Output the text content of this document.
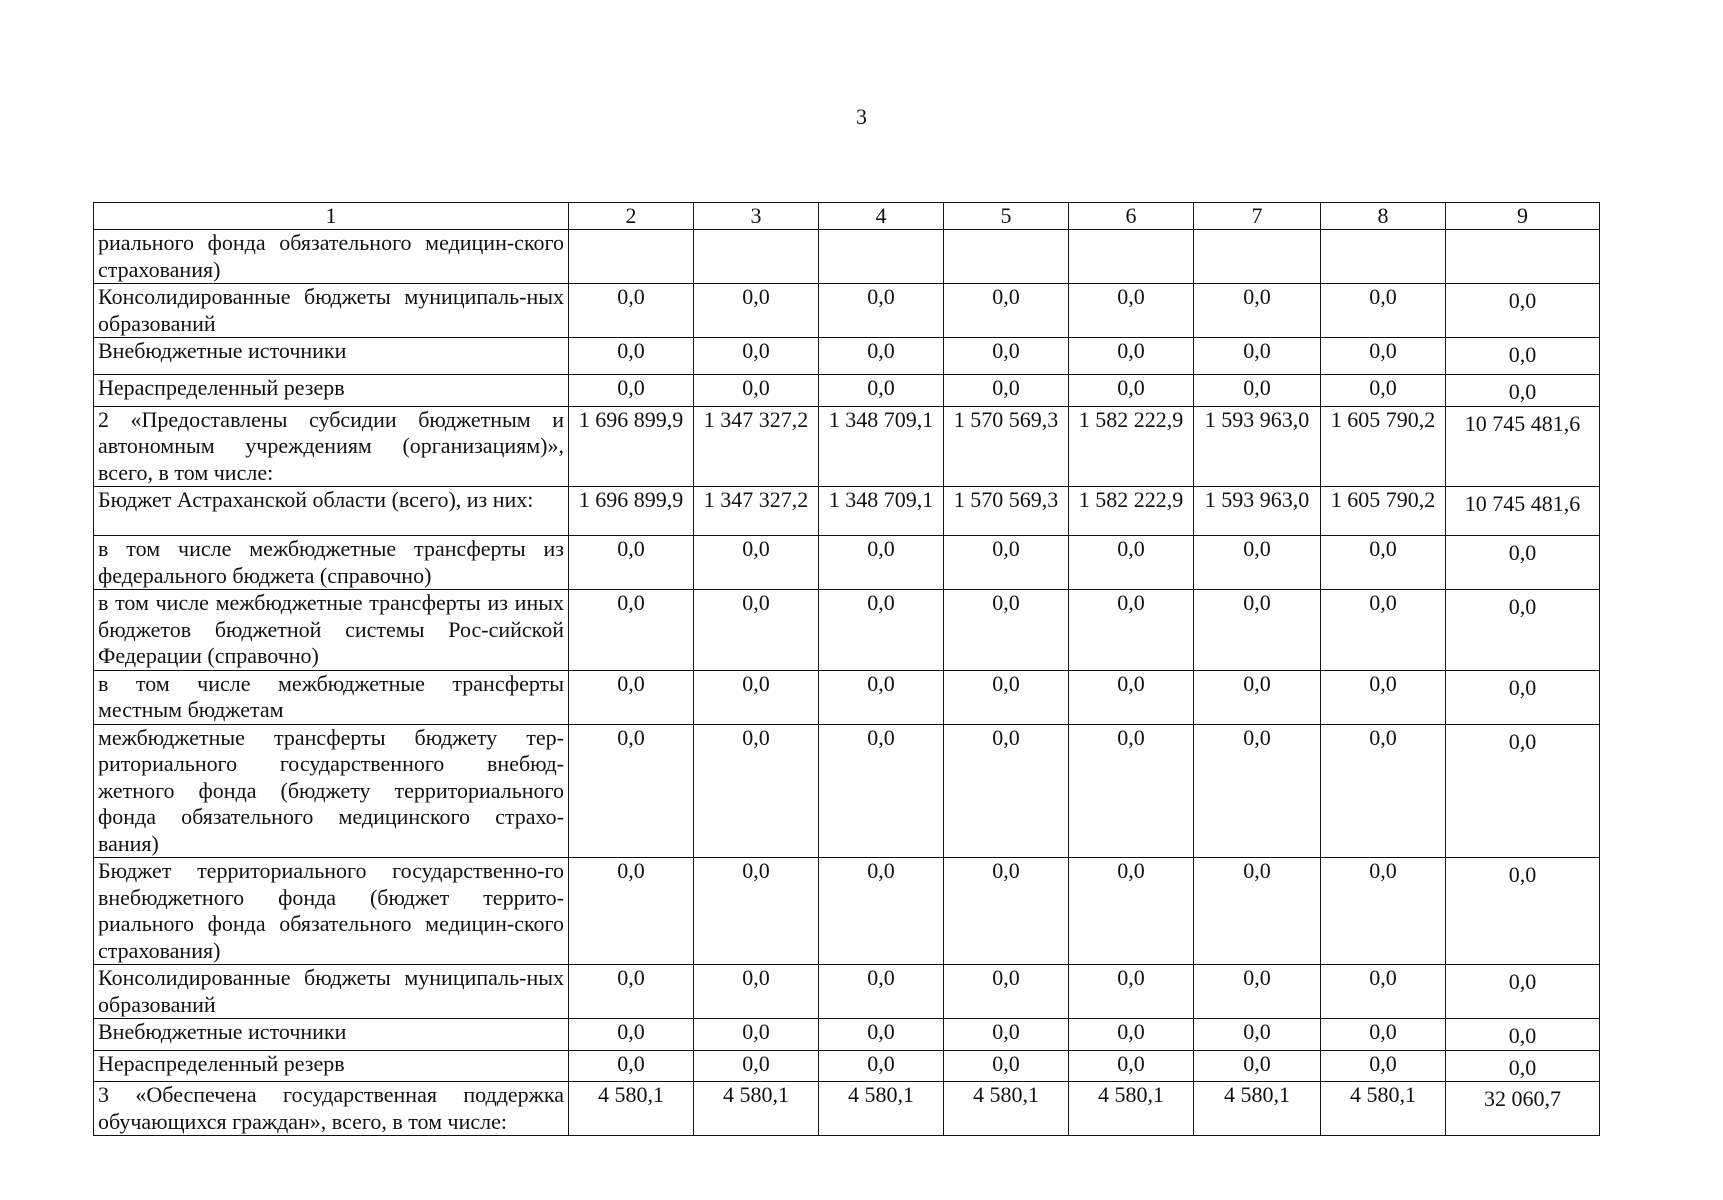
3
1	2	3	4	5	6	7	8	9
риального фонда обязательного медицин-ского страхования)								
Консолидированные бюджеты муниципаль-ных образований	0,0	0,0	0,0	0,0	0,0	0,0	0,0	0,0
Внебюджетные источники	0,0	0,0	0,0	0,0	0,0	0,0	0,0	0,0
Нераспределенный резерв	0,0	0,0	0,0	0,0	0,0	0,0	0,0	0,0
2 «Предоставлены субсидии бюджетным и автономным учреждениям (организациям)», всего, в том числе:	1 696 899,9	1 347 327,2	1 348 709,1	1 570 569,3	1 582 222,9	1 593 963,0	1 605 790,2	10 745 481,6
Бюджет Астраханской области (всего), из них:	1 696 899,9	1 347 327,2	1 348 709,1	1 570 569,3	1 582 222,9	1 593 963,0	1 605 790,2	10 745 481,6
в том числе межбюджетные трансферты из федерального бюджета (справочно)	0,0	0,0	0,0	0,0	0,0	0,0	0,0	0,0
в том числе межбюджетные трансферты из иных бюджетов бюджетной системы Рос-сийской Федерации (справочно)	0,0	0,0	0,0	0,0	0,0	0,0	0,0	0,0
в том числе межбюджетные трансферты местным бюджетам	0,0	0,0	0,0	0,0	0,0	0,0	0,0	0,0
межбюджетные трансферты бюджету тер-риториального государственного внебюд-жетного фонда (бюджету территориального фонда обязательного медицинского страхо-вания)	0,0	0,0	0,0	0,0	0,0	0,0	0,0	0,0
Бюджет территориального государственно-го внебюджетного фонда (бюджет террито-риального фонда обязательного медицин-ского страхования)	0,0	0,0	0,0	0,0	0,0	0,0	0,0	0,0
Консолидированные бюджеты муниципаль-ных образований	0,0	0,0	0,0	0,0	0,0	0,0	0,0	0,0
Внебюджетные источники	0,0	0,0	0,0	0,0	0,0	0,0	0,0	0,0
Нераспределенный резерв	0,0	0,0	0,0	0,0	0,0	0,0	0,0	0,0
3 «Обеспечена государственная поддержка обучающихся граждан», всего, в том числе:	4 580,1	4 580,1	4 580,1	4 580,1	4 580,1	4 580,1	4 580,1	32 060,7
